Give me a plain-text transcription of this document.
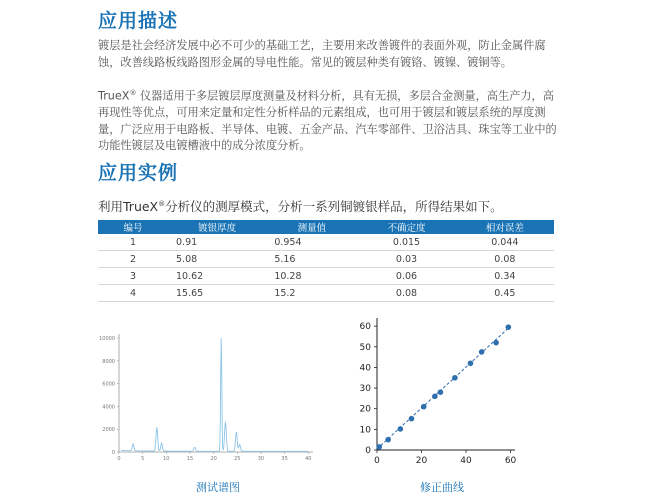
应用描述

镀层是社会经济发展中必不可少的基础工艺，主要用来改善镀件的表面外观，防止金属件腐蚀，改善线路板线路图形金属的导电性能。常见的镀层种类有镀铬、镀镍、镀铜等。

TrueX® 仪器适用于多层镀层厚度测量及材料分析，具有无损，多层合金测量，高生产力，高再现性等优点，可用来定量和定性分析样品的元素组成，也可用于镀层和镀层系统的厚度测量，广泛应用于电路板、半导体、电镀、五金产品、汽车零部件、卫浴洁具、珠宝等工业中的功能性镀层及电镀槽液中的成分浓度分析。

应用实例
利用TrueX®分析仪的测厚模式，分析一系列铜镀银样品，所得结果如下。
编号	镀银厚度	测量值	不确定度	相对误差
1	0.91	0.954	0.015	0.044
2	5.08	5.16	0.03	0.08
3	10.62	10.28	0.06	0.34
4	15.65	15.2	0.08	0.45
0
2000
4000
6000
8000
10000
0	5	10	15	20	25	30	35	40
测试谱图
0
10
20
30
40
50
60
0	20	40	60
修正曲线
